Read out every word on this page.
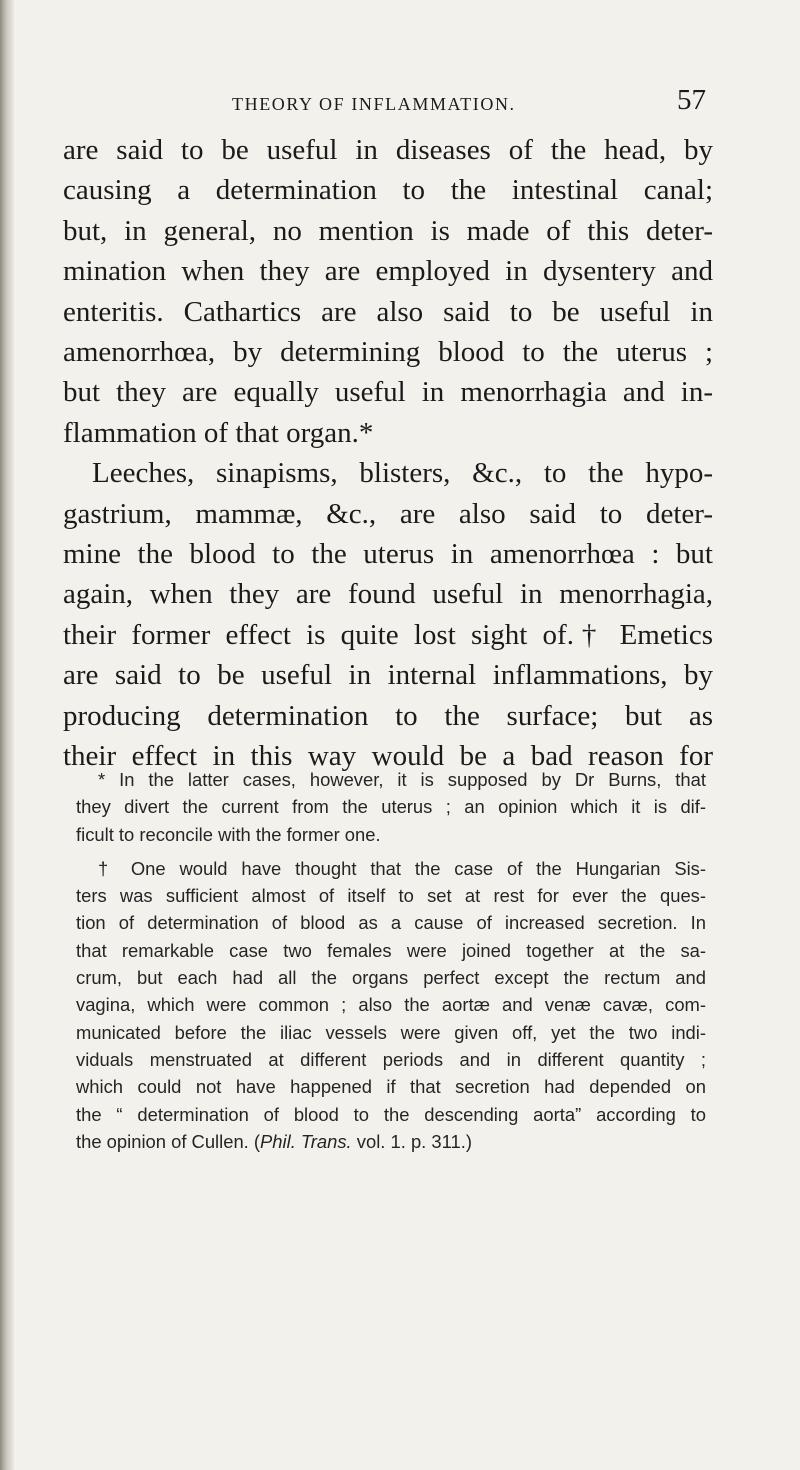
THEORY OF INFLAMMATION.	57
are said to be useful in diseases of the head, by
causing a determination to the intestinal canal;
but, in general, no mention is made of this deter-
mination when they are employed in dysentery and
enteritis. Cathartics are also said to be useful in
amenorrhœa, by determining blood to the uterus ;
but they are equally useful in menorrhagia and in-
flammation of that organ.*
Leeches, sinapisms, blisters, &c., to the hypo-
gastrium, mammæ, &c., are also said to deter-
mine the blood to the uterus in amenorrhœa : but
again, when they are found useful in menorrhagia,
their former effect is quite lost sight of.† Emetics
are said to be useful in internal inflammations, by
producing determination to the surface; but as
their effect in this way would be a bad reason for
* In the latter cases, however, it is supposed by Dr Burns, that
they divert the current from the uterus ; an opinion which it is dif-
ficult to reconcile with the former one.
† One would have thought that the case of the Hungarian Sis-
ters was sufficient almost of itself to set at rest for ever the ques-
tion of determination of blood as a cause of increased secretion. In
that remarkable case two females were joined together at the sa-
crum, but each had all the organs perfect except the rectum and
vagina, which were common ; also the aortæ and venæ cavæ, com-
municated before the iliac vessels were given off, yet the two indi-
viduals menstruated at different periods and in different quantity ;
which could not have happened if that secretion had depended on
the “ determination of blood to the descending aorta” according to
the opinion of Cullen. (Phil. Trans. vol. 1. p. 311.)
